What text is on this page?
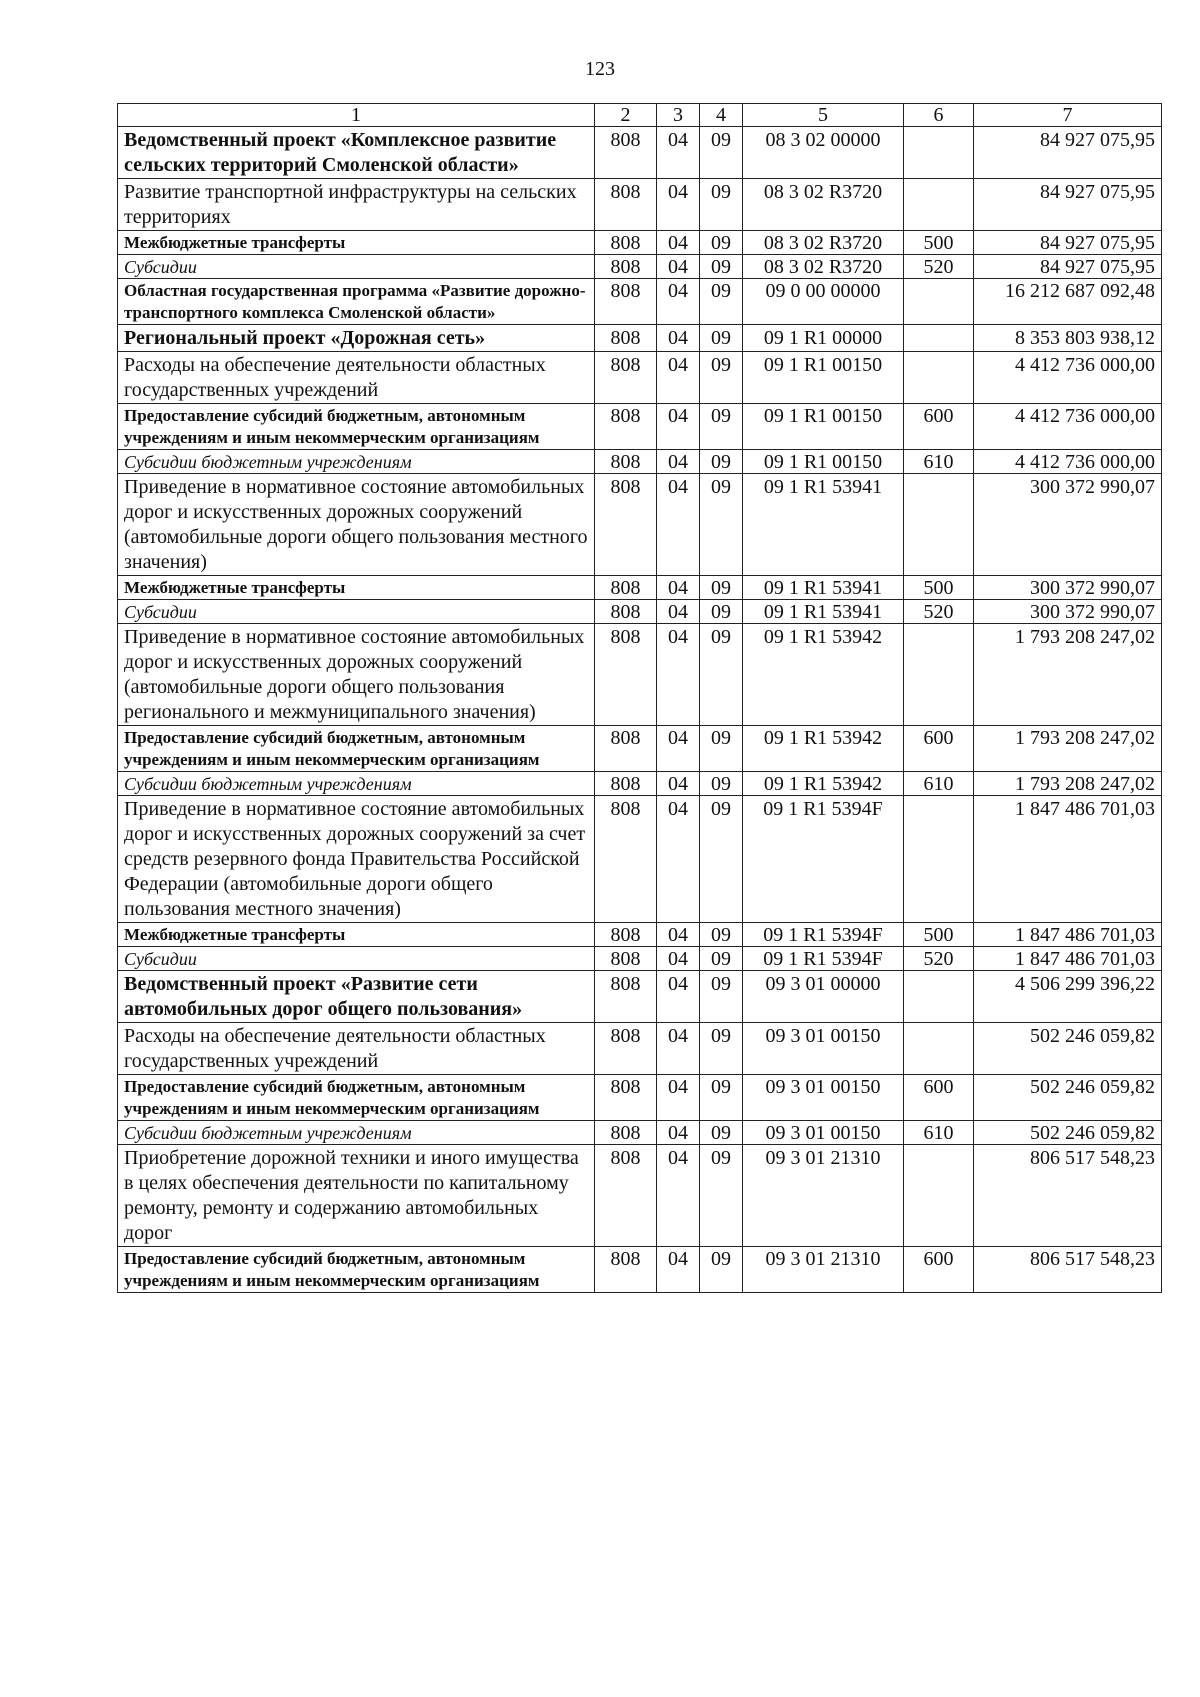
123
1	2	3	4	5	6	7
Ведомственный проект «Комплексное развитие сельских территорий Смоленской области»	808	04	09	08 3 02 00000		84 927 075,95
Развитие транспортной инфраструктуры на сельских территориях	808	04	09	08 3 02 R3720		84 927 075,95
Межбюджетные трансферты	808	04	09	08 3 02 R3720	500	84 927 075,95
Субсидии	808	04	09	08 3 02 R3720	520	84 927 075,95
Областная государственная программа «Развитие дорожно-транспортного комплекса Смоленской области»	808	04	09	09 0 00 00000		16 212 687 092,48
Региональный проект «Дорожная сеть»	808	04	09	09 1 R1 00000		8 353 803 938,12
Расходы на обеспечение деятельности областных государственных учреждений	808	04	09	09 1 R1 00150		4 412 736 000,00
Предоставление субсидий бюджетным, автономным учреждениям и иным некоммерческим организациям	808	04	09	09 1 R1 00150	600	4 412 736 000,00
Субсидии бюджетным учреждениям	808	04	09	09 1 R1 00150	610	4 412 736 000,00
Приведение в нормативное состояние автомобильных дорог и искусственных дорожных сооружений (автомобильные дороги общего пользования местного значения)	808	04	09	09 1 R1 53941		300 372 990,07
Межбюджетные трансферты	808	04	09	09 1 R1 53941	500	300 372 990,07
Субсидии	808	04	09	09 1 R1 53941	520	300 372 990,07
Приведение в нормативное состояние автомобильных дорог и искусственных дорожных сооружений (автомобильные дороги общего пользования регионального и межмуниципального значения)	808	04	09	09 1 R1 53942		1 793 208 247,02
Предоставление субсидий бюджетным, автономным учреждениям и иным некоммерческим организациям	808	04	09	09 1 R1 53942	600	1 793 208 247,02
Субсидии бюджетным учреждениям	808	04	09	09 1 R1 53942	610	1 793 208 247,02
Приведение в нормативное состояние автомобильных дорог и искусственных дорожных сооружений за счет средств резервного фонда Правительства Российской Федерации (автомобильные дороги общего пользования местного значения)	808	04	09	09 1 R1 5394F		1 847 486 701,03
Межбюджетные трансферты	808	04	09	09 1 R1 5394F	500	1 847 486 701,03
Субсидии	808	04	09	09 1 R1 5394F	520	1 847 486 701,03
Ведомственный проект «Развитие сети автомобильных дорог общего пользования»	808	04	09	09 3 01 00000		4 506 299 396,22
Расходы на обеспечение деятельности областных государственных учреждений	808	04	09	09 3 01 00150		502 246 059,82
Предоставление субсидий бюджетным, автономным учреждениям и иным некоммерческим организациям	808	04	09	09 3 01 00150	600	502 246 059,82
Субсидии бюджетным учреждениям	808	04	09	09 3 01 00150	610	502 246 059,82
Приобретение дорожной техники и иного имущества в целях обеспечения деятельности по капитальному ремонту, ремонту и содержанию автомобильных дорог	808	04	09	09 3 01 21310		806 517 548,23
Предоставление субсидий бюджетным, автономным учреждениям и иным некоммерческим организациям	808	04	09	09 3 01 21310	600	806 517 548,23
